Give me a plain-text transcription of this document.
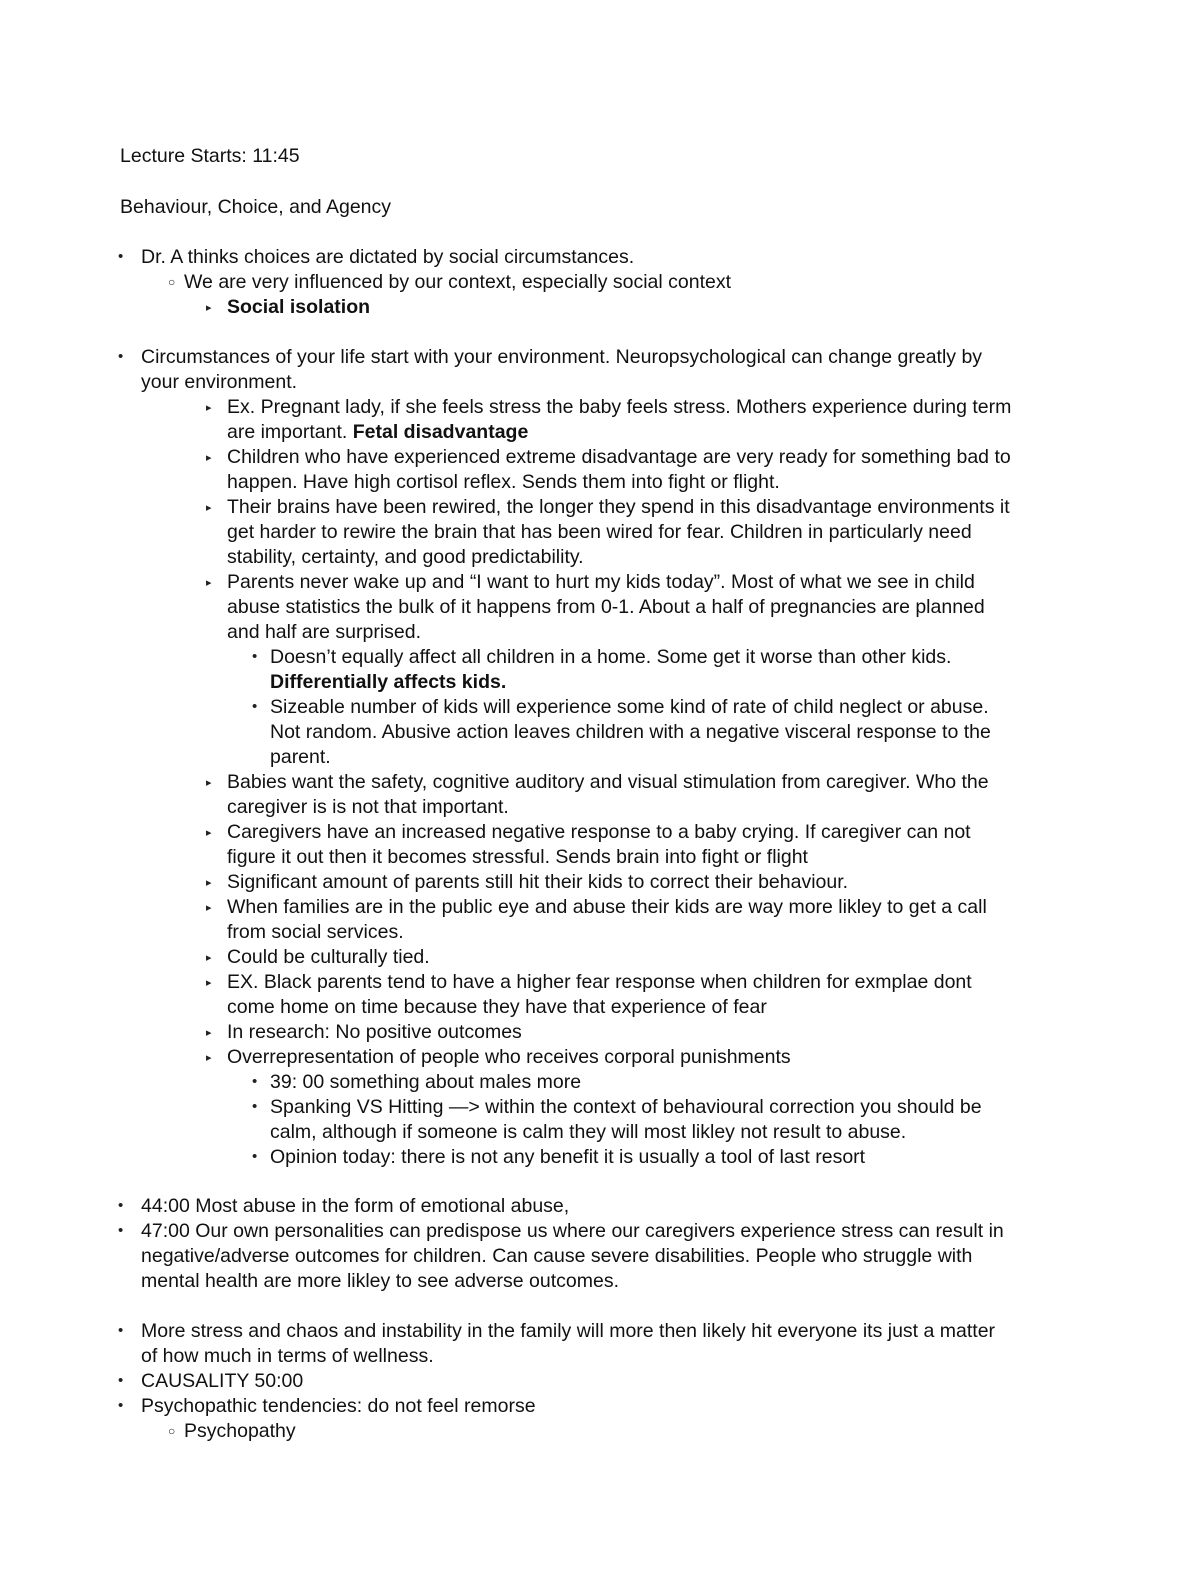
Lecture Starts: 11:45
Behaviour, Choice, and Agency
•
Dr. A thinks choices are dictated by social circumstances.
○
We are very influenced by our context, especially social context
▸
Social isolation
•
Circumstances of your life start with your environment. Neuropsychological can change greatly by
your environment.
▸
Ex. Pregnant lady, if she feels stress the baby feels stress. Mothers experience during term
are important. Fetal disadvantage
▸
Children who have experienced extreme disadvantage are very ready for something bad to
happen. Have high cortisol reflex. Sends them into fight or flight.
▸
Their brains have been rewired, the longer they spend in this disadvantage environments it
get harder to rewire the brain that has been wired for fear. Children in particularly need
stability, certainty, and good predictability.
▸
Parents never wake up and “I want to hurt my kids today”. Most of what we see in child
abuse statistics the bulk of it happens from 0-1. About a half of pregnancies are planned
and half are surprised.
•
Doesn’t equally affect all children in a home. Some get it worse than other kids.
Differentially affects kids.
•
Sizeable number of kids will experience some kind of rate of child neglect or abuse.
Not random. Abusive action leaves children with a negative visceral response to the
parent.
▸
Babies want the safety, cognitive auditory and visual stimulation from caregiver. Who the
caregiver is is not that important.
▸
Caregivers have an increased negative response to a baby crying. If caregiver can not
figure it out then it becomes stressful. Sends brain into fight or flight
▸
Significant amount of parents still hit their kids to correct their behaviour.
▸
When families are in the public eye and abuse their kids are way more likley to get a call
from social services.
▸
Could be culturally tied.
▸
EX. Black parents tend to have a higher fear response when children for exmplae dont
come home on time because they have that experience of fear
▸
In research: No positive outcomes
▸
Overrepresentation of people who receives corporal punishments
•
39: 00 something about males more
•
Spanking VS Hitting —> within the context of behavioural correction you should be
calm, although if someone is calm they will most likley not result to abuse.
•
Opinion today: there is not any benefit it is usually a tool of last resort
•
44:00 Most abuse in the form of emotional abuse,
•
47:00 Our own personalities can predispose us where our caregivers experience stress can result in
negative/adverse outcomes for children. Can cause severe disabilities. People who struggle with
mental health are more likley to see adverse outcomes.
•
More stress and chaos and instability in the family will more then likely hit everyone its just a matter
of how much in terms of wellness.
•
CAUSALITY 50:00
•
Psychopathic tendencies: do not feel remorse
○
Psychopathy
